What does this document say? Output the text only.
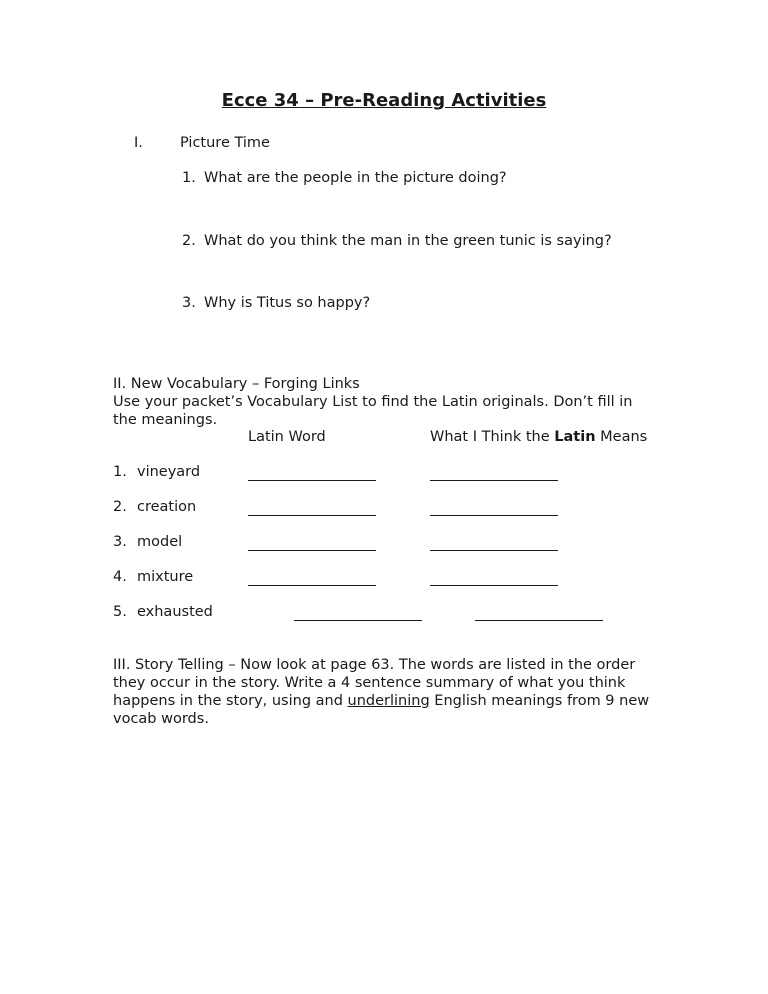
Ecce 34 – Pre-Reading Activities
I.	Picture Time
1. What are the people in the picture doing?
2. What do you think the man in the green tunic is saying?
3. Why is Titus so happy?
II. New Vocabulary – Forging Links
Use your packet’s Vocabulary List to find the Latin originals. Don’t fill in the meanings.
Latin Word	What I Think the Latin Means
1. vineyard
2. creation
3. model
4. mixture
5. exhausted
III. Story Telling – Now look at page 63. The words are listed in the order they occur in the story. Write a 4 sentence summary of what you think happens in the story, using and underlining English meanings from 9 new vocab words.
